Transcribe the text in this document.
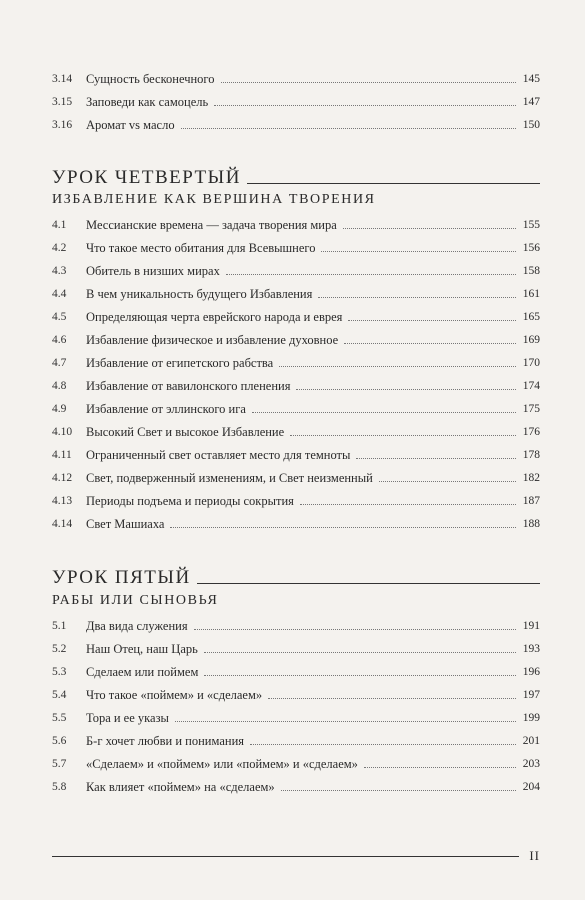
3.14	Сущность бесконечного	145
3.15	Заповеди как самоцель	147
3.16	Аромат vs масло	150
УРОК ЧЕТВЕРТЫЙ
ИЗБАВЛЕНИЕ КАК ВЕРШИНА ТВОРЕНИЯ
4.1	Мессианские времена — задача творения мира	155
4.2	Что такое место обитания для Всевышнего	156
4.3	Обитель в низших мирах	158
4.4	В чем уникальность будущего Избавления	161
4.5	Определяющая черта еврейского народа и еврея	165
4.6	Избавление физическое и избавление духовное	169
4.7	Избавление от египетского рабства	170
4.8	Избавление от вавилонского пленения	174
4.9	Избавление от эллинского ига	175
4.10	Высокий Свет и высокое Избавление	176
4.11	Ограниченный свет оставляет место для темноты	178
4.12	Свет, подверженный изменениям, и Свет неизменный	182
4.13	Периоды подъема и периоды сокрытия	187
4.14	Свет Машиаха	188
УРОК ПЯТЫЙ
РАБЫ ИЛИ СЫНОВЬЯ
5.1	Два вида служения	191
5.2	Наш Отец, наш Царь	193
5.3	Сделаем или поймем	196
5.4	Что такое «поймем» и «сделаем»	197
5.5	Тора и ее указы	199
5.6	Б-г хочет любви и понимания	201
5.7	«Сделаем» и «поймем» или «поймем» и «сделаем»	203
5.8	Как влияет «поймем» на «сделаем»	204
II
